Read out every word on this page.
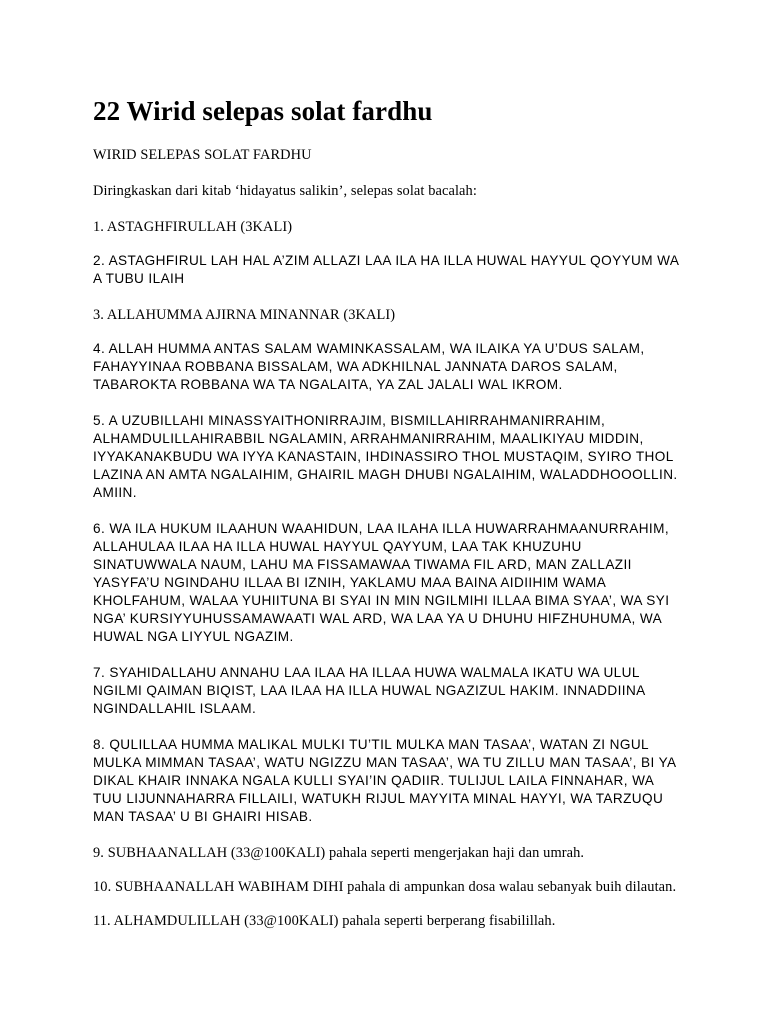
22 Wirid selepas solat fardhu

WIRID SELEPAS SOLAT FARDHU

Diringkaskan dari kitab ‘hidayatus salikin’, selepas solat bacalah:

1. ASTAGHFIRULLAH (3KALI)

2. ASTAGHFIRUL LAH HAL A’ZIM ALLAZI LAA ILA HA ILLA HUWAL HAYYUL QOYYUM WA A TUBU ILAIH

3. ALLAHUMMA AJIRNA MINANNAR (3KALI)

4. ALLAH HUMMA ANTAS SALAM WAMINKASSALAM, WA ILAIKA YA U’DUS SALAM, FAHAYYINAA ROBBANA BISSALAM, WA ADKHILNAL JANNATA DAROS SALAM, TABAROKTA ROBBANA WA TA NGALAITA, YA ZAL JALALI WAL IKROM.

5. A UZUBILLAHI MINASSYAITHONIRRAJIM, BISMILLAHIRRAHMANIRRAHIM, ALHAMDULILLAHIRABBIL NGALAMIN, ARRAHMANIRRAHIM, MAALIKIYAU MIDDIN, IYYAKANAKBUDU WA IYYA KANASTAIN, IHDINASSIRO THOL MUSTAQIM, SYIRO THOL LAZINA AN AMTA NGALAIHIM, GHAIRIL MAGH DHUBI NGALAIHIM, WALADDHOOOLLIN. AMIIN.

6. WA ILA HUKUM ILAAHUN WAAHIDUN, LAA ILAHA ILLA HUWARRAHMAANURRAHIM, ALLAHULAA ILAA HA ILLA HUWAL HAYYUL QAYYUM, LAA TAK KHUZUHU SINATUWWALA NAUM, LAHU MA FISSAMAWAA TIWAMA FIL ARD, MAN ZALLAZII YASYFA’U NGINDAHU ILLAA BI IZNIH, YAKLAMU MAA BAINA AIDIIHIM WAMA KHOLFAHUM, WALAA YUHIITUNA BI SYAI IN MIN NGILMIHI ILLAA BIMA SYAA’, WA SYI NGA’ KURSIYYUHUSSAMAWAATI WAL ARD, WA LAA YA U DHUHU HIFZHUHUMA, WA HUWAL NGA LIYYUL NGAZIM.

7. SYAHIDALLAHU ANNAHU LAA ILAA HA ILLAA HUWA WALMALA IKATU WA ULUL NGILMI QAIMAN BIQIST, LAA ILAA HA ILLA HUWAL NGAZIZUL HAKIM. INNADDIINA NGINDALLAHIL ISLAAM.

8. QULILLAA HUMMA MALIKAL MULKI TU’TIL MULKA MAN TASAA’, WATAN ZI NGUL MULKA MIMMAN TASAA’, WATU NGIZZU MAN TASAA’, WA TU ZILLU MAN TASAA’, BI YA DIKAL KHAIR INNAKA NGALA KULLI SYAI’IN QADIIR. TULIJUL LAILA FINNAHAR, WA TUU LIJUNNAHARRA FILLAILI, WATUKH RIJUL MAYYITA MINAL HAYYI, WA TARZUQU MAN TASAA’ U BI GHAIRI HISAB.

9. SUBHAANALLAH (33@100KALI) pahala seperti mengerjakan haji dan umrah.

10. SUBHAANALLAH WABIHAM DIHI pahala di ampunkan dosa walau sebanyak buih dilautan.

11. ALHAMDULILLAH (33@100KALI) pahala seperti berperang fisabilillah.
